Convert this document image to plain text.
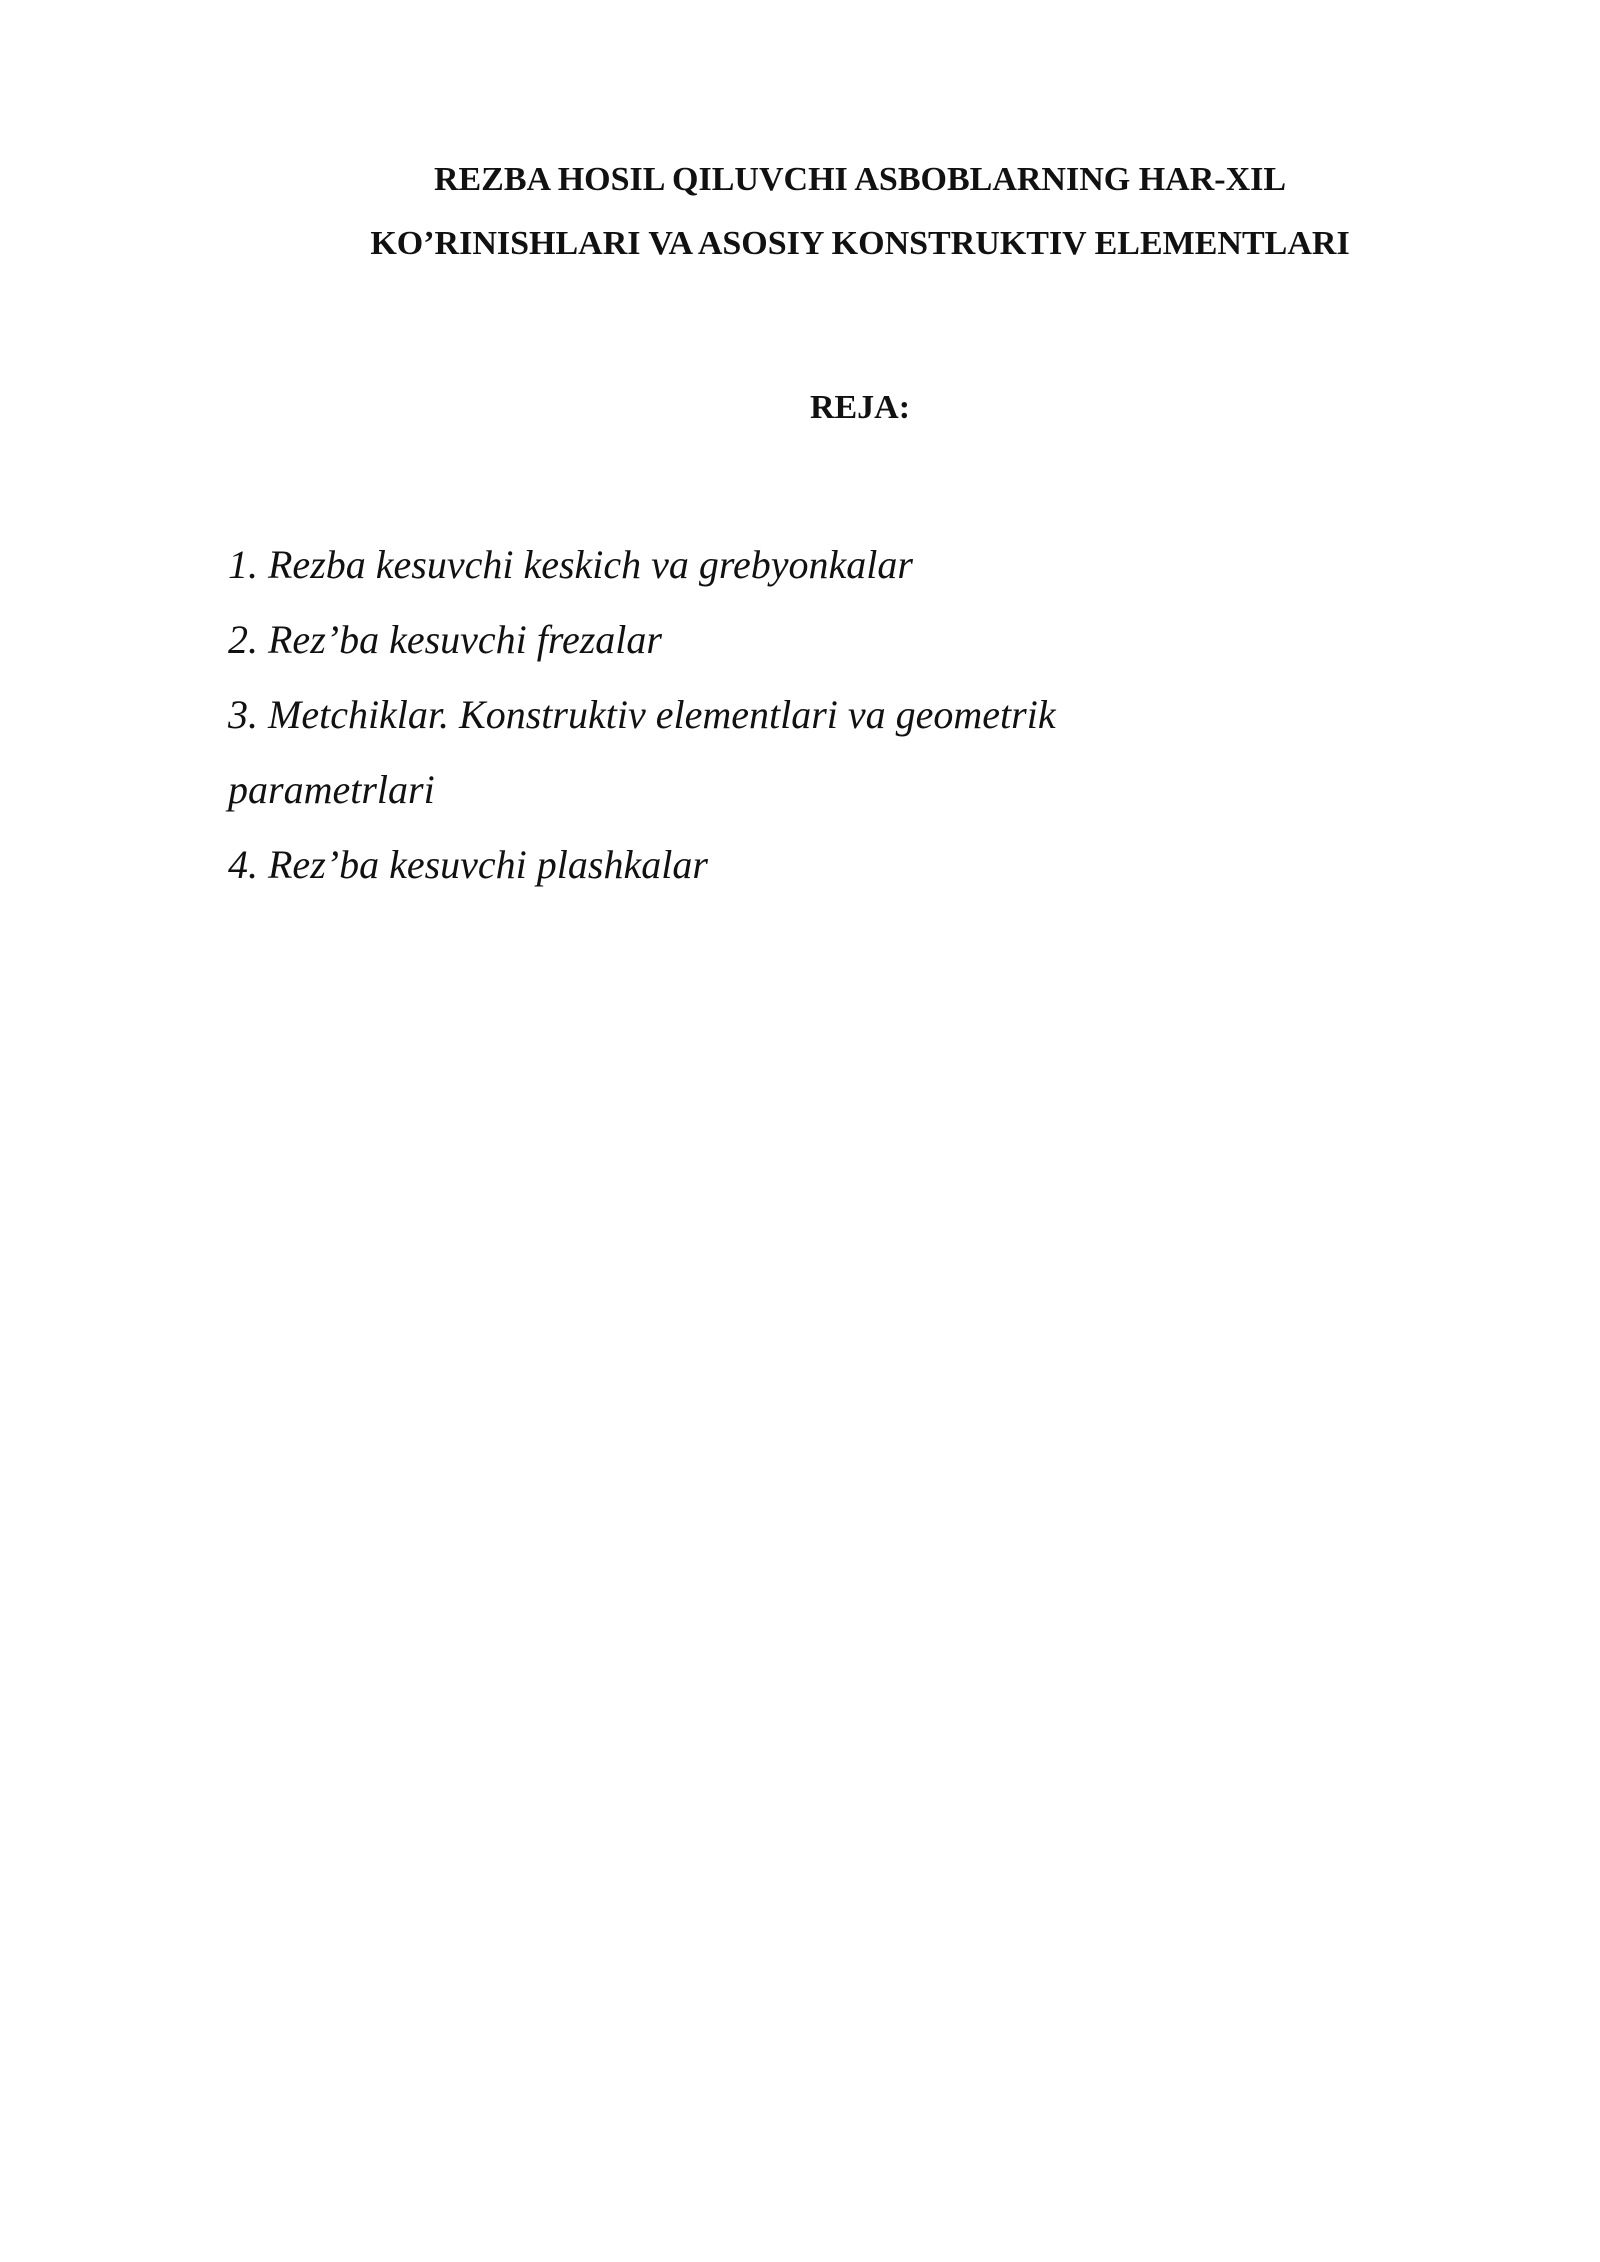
REZBA HOSIL QILUVCHI ASBOBLARNING HAR-XIL
KO’RINISHLARI VA ASOSIY KONSTRUKTIV ELEMENTLARI
REJA:
1. Rezba kesuvchi keskich va grebyonkalar
2. Rez’ba kesuvchi frezalar
3. Metchiklar. Konstruktiv elementlari va geometrik
parametrlari
4. Rez’ba kesuvchi plashkalar
